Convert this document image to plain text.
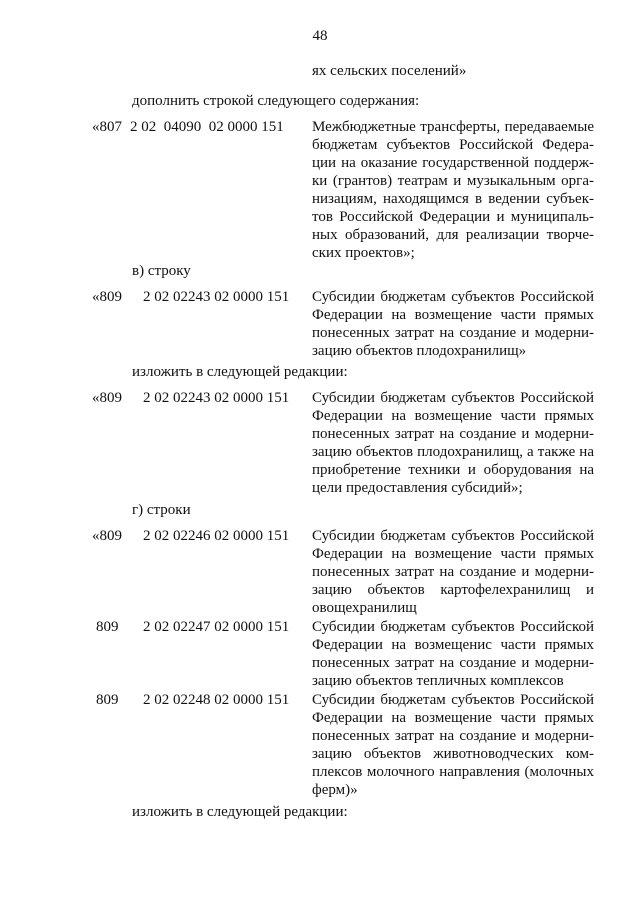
48
ях сельских поселений»
дополнить строкой следующего содержания:
«807 2 02  04090  02 0000 151 Межбюджетные трансферты, передаваемые
бюджетам субъектов Российской Федера-
ции на оказание государственной поддерж-
ки (грантов) театрам и музыкальным орга-
низациям, находящимся в ведении субъек-
тов Российской Федерации и муниципаль-
ных образований, для реализации творче-
ских проектов»;
в) строку
«809 2 02 02243 02 0000 151 Субсидии бюджетам субъектов Российской
Федерации на возмещение части прямых
понесенных затрат на создание и модерни-
зацию объектов плодохранилищ»
изложить в следующей редакции:
«809 2 02 02243 02 0000 151 Субсидии бюджетам субъектов Российской
Федерации на возмещение части прямых
понесенных затрат на создание и модерни-
зацию объектов плодохранилищ, а также на
приобретение техники и оборудования на
цели предоставления субсидий»;
г) строки
«809 2 02 02246 02 0000 151 Субсидии бюджетам субъектов Российской
Федерации на возмещение части прямых
понесенных затрат на создание и модерни-
зацию объектов картофелехранилищ и
овощехранилищ
809 2 02 02247 02 0000 151 Субсидии бюджетам субъектов Российской
Федерации на возмещенис части прямых
понесенных затрат на создание и модерни-
зацию объектов тепличных комплексов
809 2 02 02248 02 0000 151 Субсидии бюджетам субъектов Российской
Федерации на возмещение части прямых
понесенных затрат на создание и модерни-
зацию объектов животноводческих ком-
плексов молочного направления (молочных
ферм)»
изложить в следующей редакции:
